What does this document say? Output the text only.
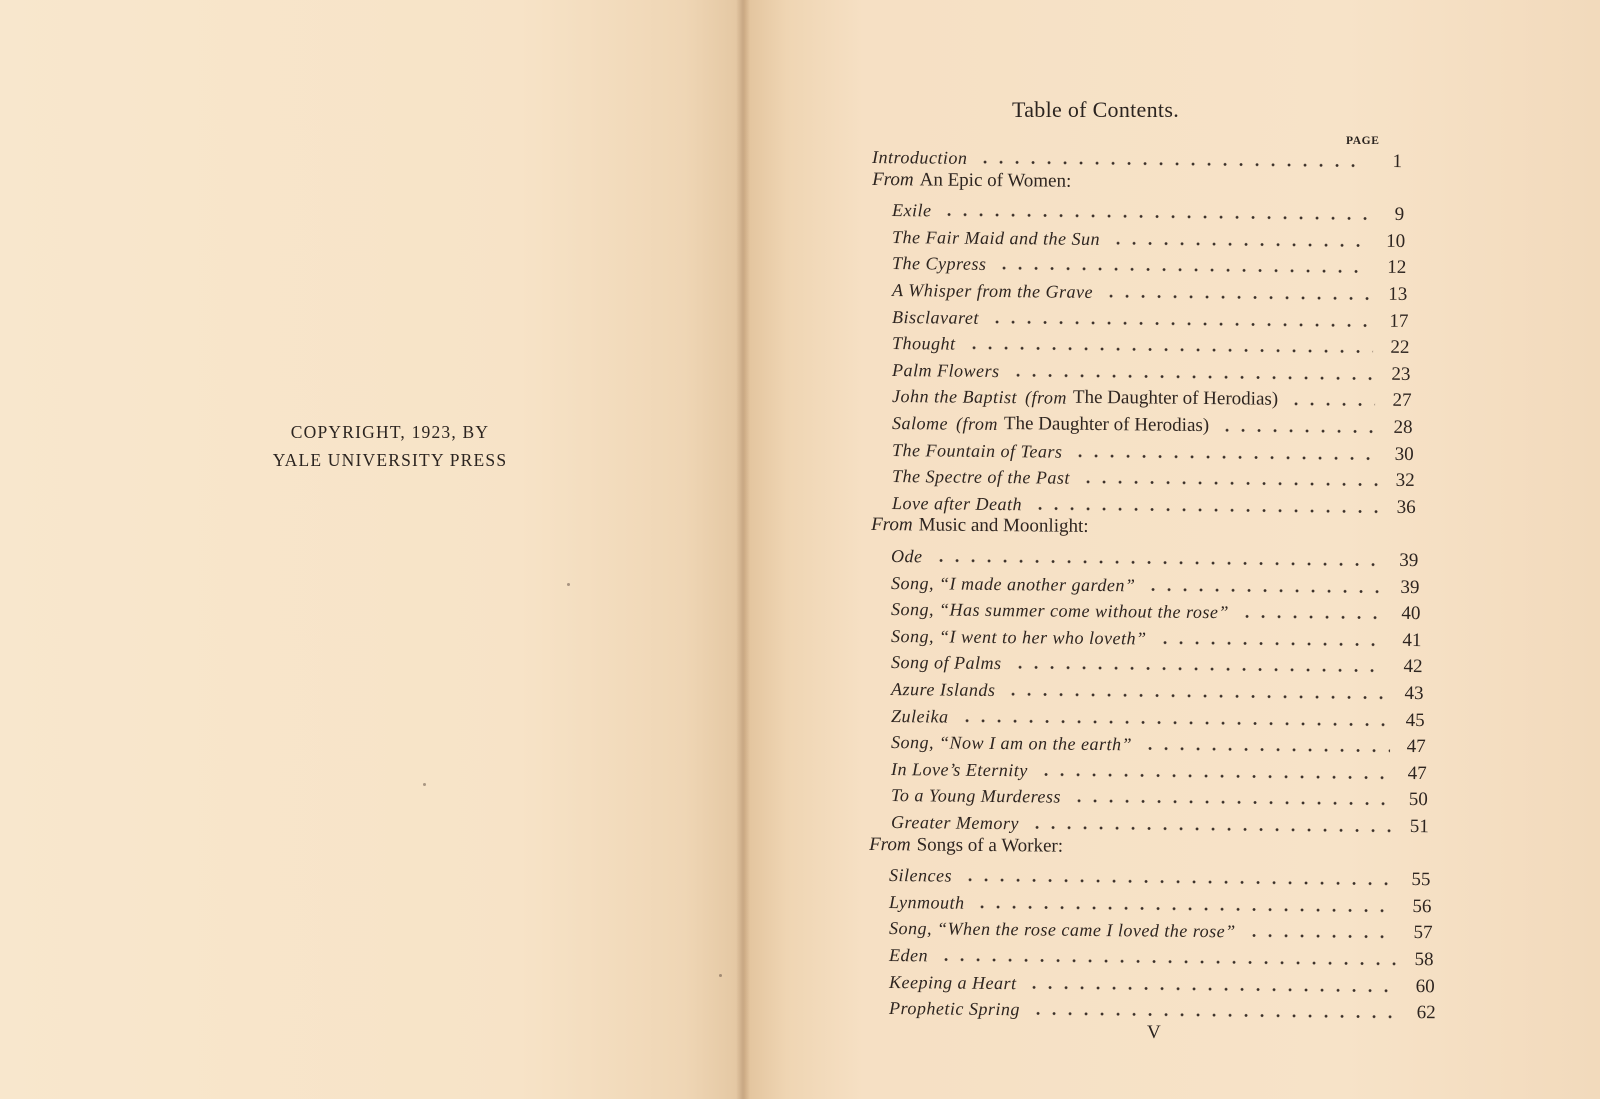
COPYRIGHT, 1923, BY
YALE UNIVERSITY PRESS
Table of Contents.
PAGE
Introduction	1
From An Epic of Women:
Exile	9
The Fair Maid and the Sun	10
The Cypress	12
A Whisper from the Grave	13
Bisclavaret	17
Thought	22
Palm Flowers	23
John the Baptist (from The Daughter of Herodias)	27
Salome (from The Daughter of Herodias)	28
The Fountain of Tears	30
The Spectre of the Past	32
Love after Death	36
From Music and Moonlight:
Ode	39
Song, “I made another garden”	39
Song, “Has summer come without the rose”	40
Song, “I went to her who loveth”	41
Song of Palms	42
Azure Islands	43
Zuleika	45
Song, “Now I am on the earth”	47
In Love’s Eternity	47
To a Young Murderess	50
Greater Memory	51
From Songs of a Worker:
Silences	55
Lynmouth	56
Song, “When the rose came I loved the rose”	57
Eden	58
Keeping a Heart	60
Prophetic Spring	62
V
